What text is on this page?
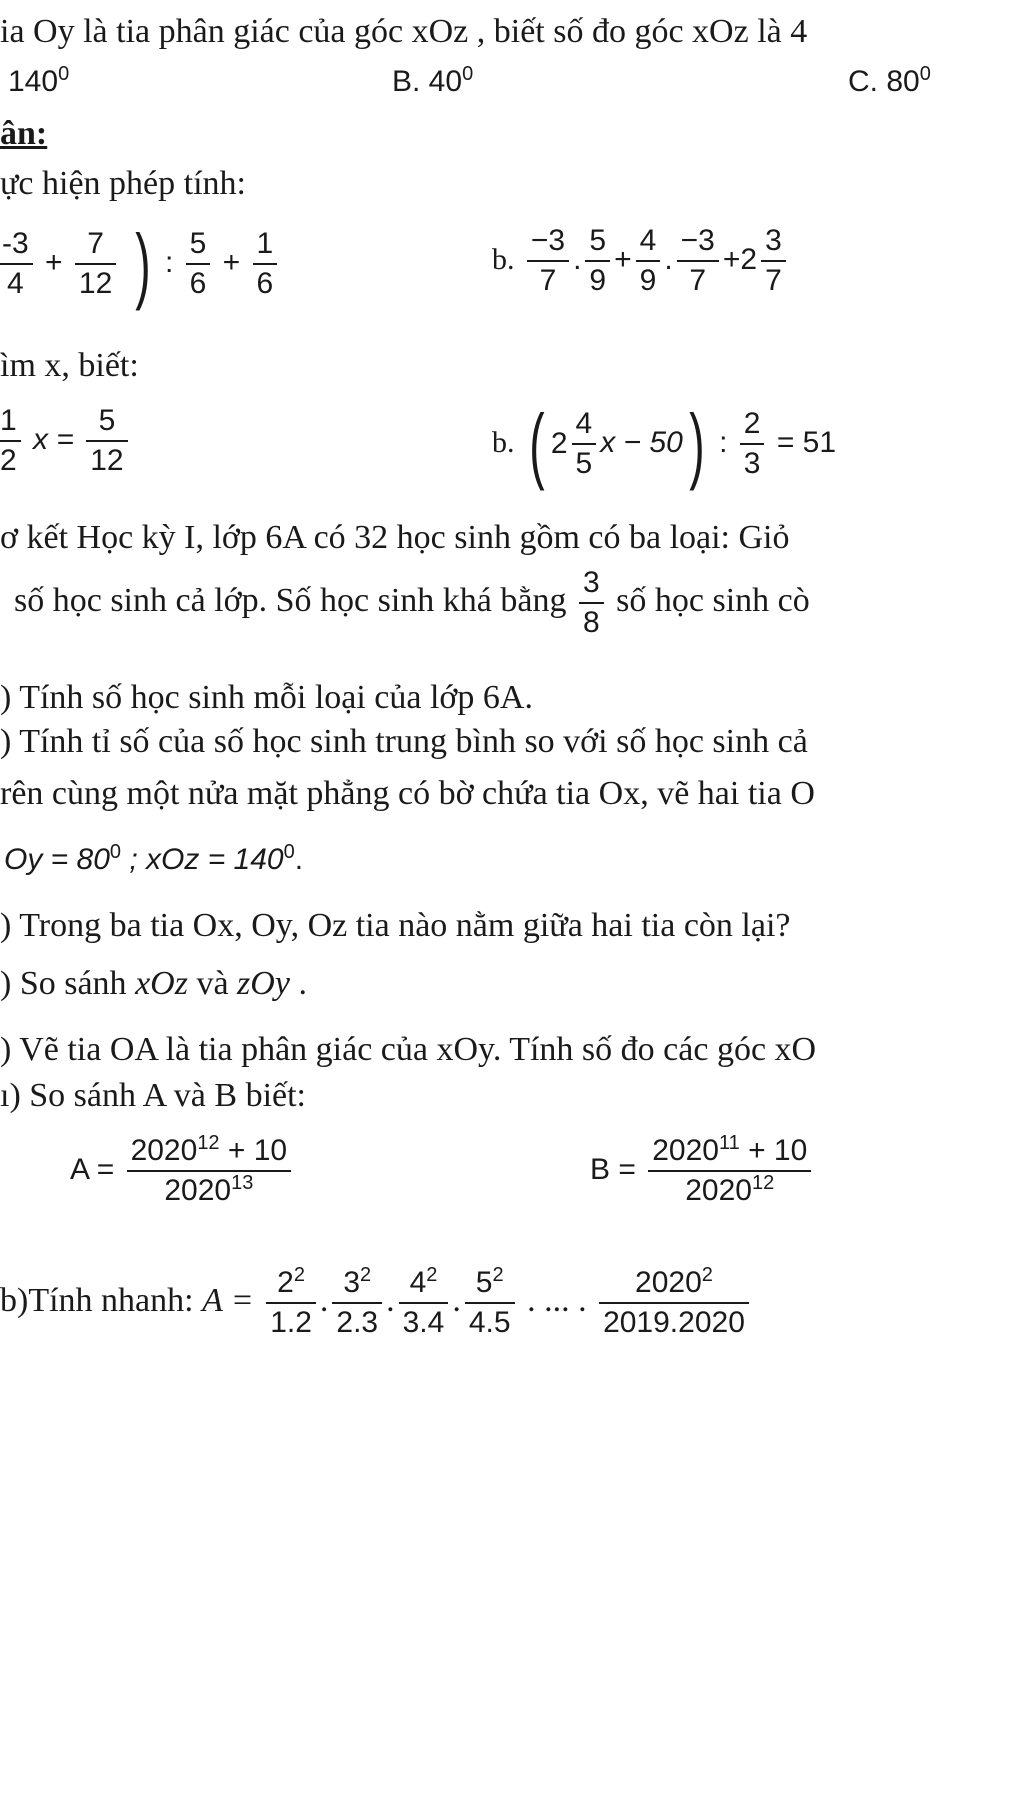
ia Oy là tia phân giác của góc xOz , biết số đo góc xOz là 4
$140^0$	B. $40^0$	C. $80^0$
ân:
ực hiện phép tính:
$\frac{-3}{4} + \frac{7}{12}$ ) : $\frac{5}{6} + \frac{1}{6}$	b. $\frac{-3}{7}$ . $\frac{5}{9} + \frac{4}{9}$ . $\frac{-3}{7} +2 \frac{3}{7}$
ìm x, biết:
$\frac{1}{2}$ $x = \frac{5}{12}$	b. ( $2 \frac{4}{5}$ x − 50) : $\frac{2}{3} = 51$
ơ kết Học kỳ I, lớp 6A có 32 học sinh gồm có ba loại: Giỏ
số học sinh cả lớp. Số học sinh khá bằng $\frac{3}{8}$ số học sinh cò
) Tính số học sinh mỗi loại của lớp 6A.
) Tính tỉ số của số học sinh trung bình so với số học sinh cả
rên cùng một nửa mặt phẳng có bờ chứa tia Ox, vẽ hai tia O
$Oy = 80^0$ ; xOz = $140^0$.
) Trong ba tia Ox, Oy, Oz tia nào nằm giữa hai tia còn lại?
) So sánh xOz và zOy .
) Vẽ tia OA là tia phân giác của xOy. Tính số đo các góc xO
ı) So sánh A và B biết:
$A = \frac{2020^{12} + 10}{2020^{13}}$	$B = \frac{2020^{11} + 10}{2020^{12}}$
b)Tính nhanh: $A = \frac{2^2}{1.2}$ . $\frac{3^2}{2.3}$ . $\frac{4^2}{3.4}$ . $\frac{5^2}{4.5}$ . ... . $\frac{2020^2}{2019.2020}$
